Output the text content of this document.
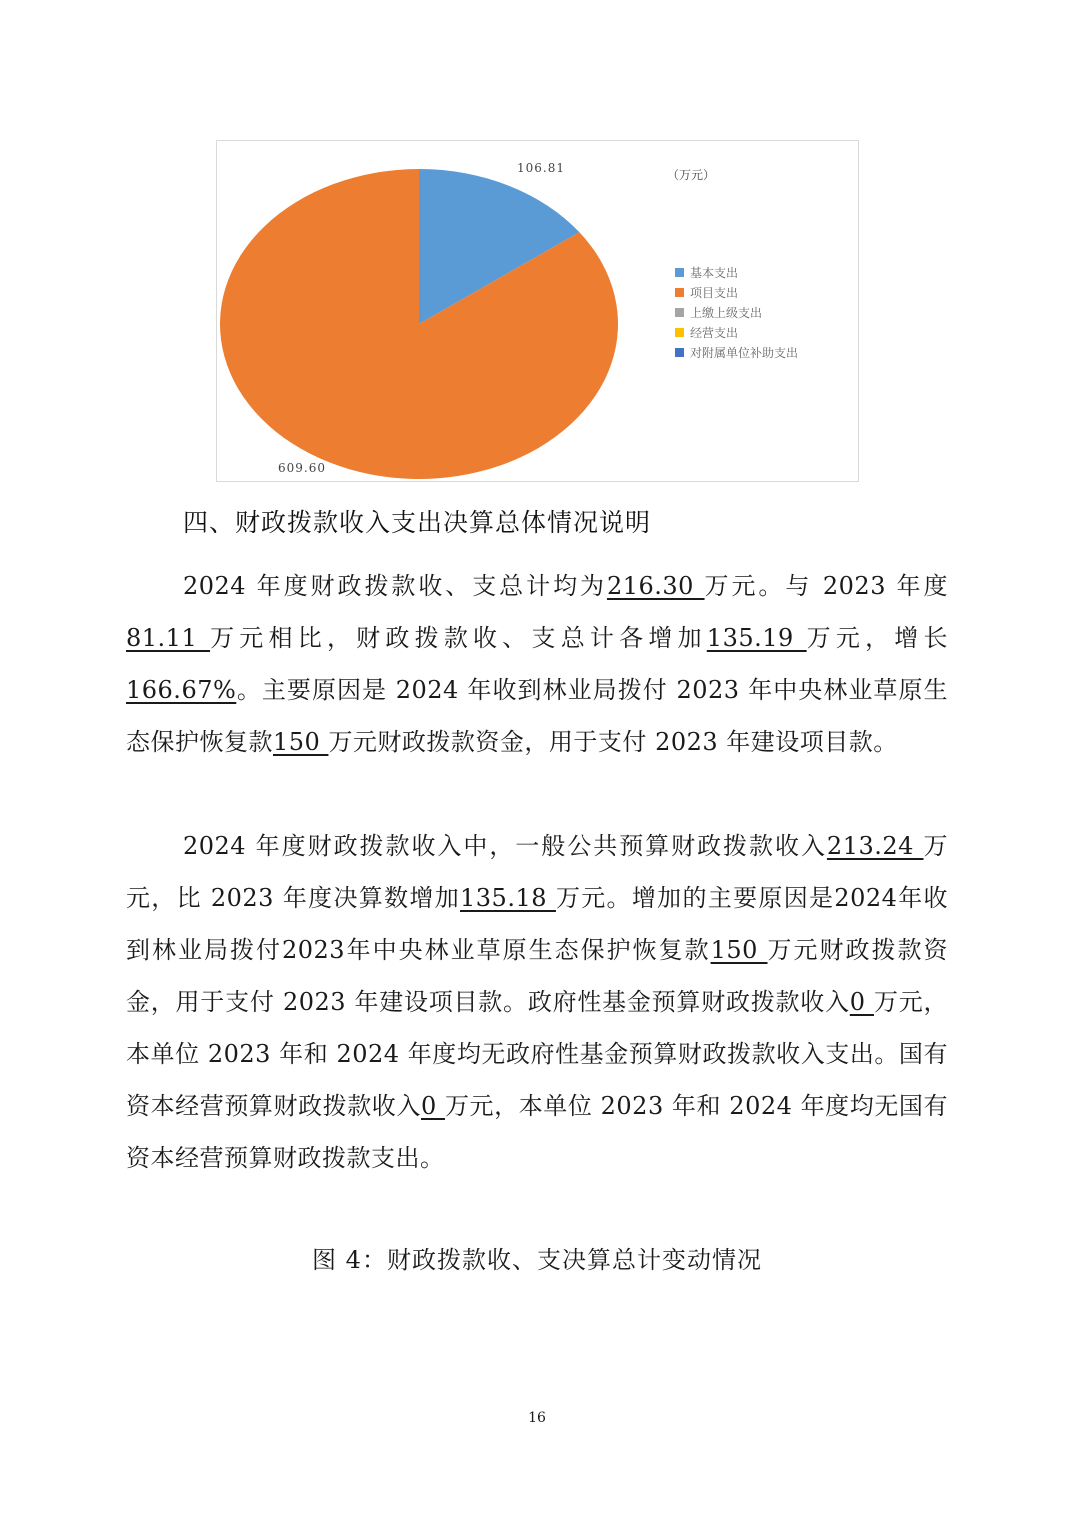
106.81
609.60
（万元）
基本支出
项目支出
上缴上级支出
经营支出
对附属单位补助支出
四、财政拨款收入支出决算总体情况说明
2024 年度财政拨款收、支总计均为216.30 万元。与 2023 年度81.11 万元相比，财政拨款收、支总计各增加135.19 万元，增长166.67%。主要原因是 2024 年收到林业局拨付 2023 年中央林业草原生态保护恢复款150 万元财政拨款资金，用于支付 2023 年建设项目款。
2024 年度财政拨款收入中，一般公共预算财政拨款收入213.24 万元，比 2023 年度决算数增加135.18 万元。增加的主要原因是2024年收到林业局拨付2023年中央林业草原生态保护恢复款150 万元财政拨款资金，用于支付 2023 年建设项目款。政府性基金预算财政拨款收入0 万元，本单位 2023 年和 2024 年度均无政府性基金预算财政拨款收入支出。国有资本经营预算财政拨款收入0 万元，本单位 2023 年和 2024 年度均无国有资本经营预算财政拨款支出。
图 4：财政拨款收、支决算总计变动情况
16
